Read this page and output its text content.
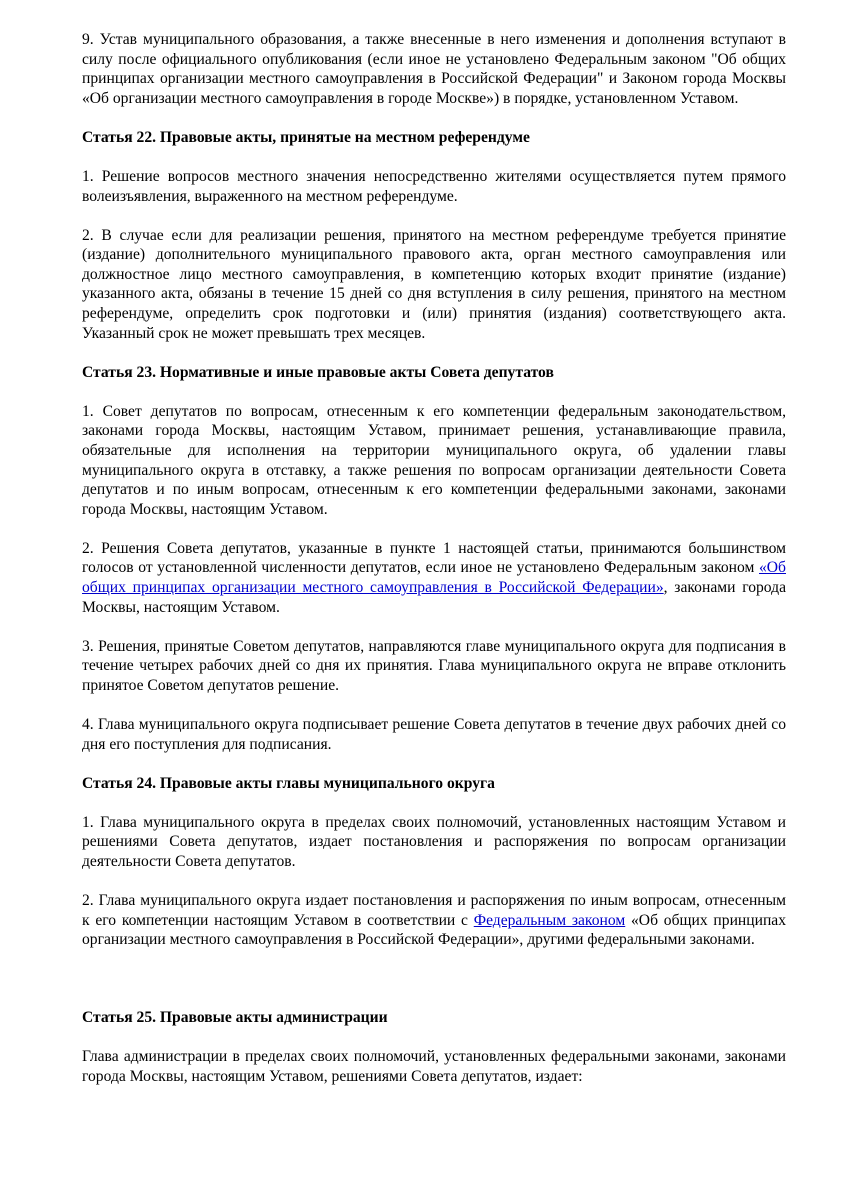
9. Устав муниципального образования, а также внесенные в него изменения и дополнения вступают в силу после официального опубликования (если иное не установлено Федеральным законом "Об общих принципах организации местного самоуправления в Российской Федерации" и Законом города Москвы «Об организации местного самоуправления в городе Москве») в порядке, установленном Уставом.

Статья 22. Правовые акты, принятые на местном референдуме

1. Решение вопросов местного значения непосредственно жителями осуществляется путем прямого волеизъявления, выраженного на местном референдуме.

2. В случае если для реализации решения, принятого на местном референдуме требуется принятие (издание) дополнительного муниципального правового акта, орган местного самоуправления или должностное лицо местного самоуправления, в компетенцию которых входит принятие (издание) указанного акта, обязаны в течение 15 дней со дня вступления в силу решения, принятого на местном референдуме, определить срок подготовки и (или) принятия (издания) соответствующего акта. Указанный срок не может превышать трех месяцев.

Статья 23. Нормативные и иные правовые акты Совета депутатов

1. Совет депутатов по вопросам, отнесенным к его компетенции федеральным законодательством, законами города Москвы, настоящим Уставом, принимает решения, устанавливающие правила, обязательные для исполнения на территории муниципального округа, об удалении главы муниципального округа в отставку, а также решения по вопросам организации деятельности Совета депутатов и по иным вопросам, отнесенным к его компетенции федеральными законами, законами города Москвы, настоящим Уставом.

2. Решения Совета депутатов, указанные в пункте 1 настоящей статьи, принимаются большинством голосов от установленной численности депутатов, если иное не установлено Федеральным законом «Об общих принципах организации местного самоуправления в Российской Федерации», законами города Москвы, настоящим Уставом.

3. Решения, принятые Советом депутатов, направляются главе муниципального округа для подписания в течение четырех рабочих дней со дня их принятия. Глава муниципального округа не вправе отклонить принятое Советом депутатов решение.

4. Глава муниципального округа подписывает решение Совета депутатов в течение двух рабочих дней со дня его поступления для подписания.

Статья 24. Правовые акты главы муниципального округа

1. Глава муниципального округа в пределах своих полномочий, установленных настоящим Уставом и решениями Совета депутатов, издает постановления и распоряжения по вопросам организации деятельности Совета депутатов.

2. Глава муниципального округа издает постановления и распоряжения по иным вопросам, отнесенным к его компетенции настоящим Уставом в соответствии с Федеральным законом «Об общих принципах организации местного самоуправления в Российской Федерации», другими федеральными законами.

Статья 25. Правовые акты администрации

Глава администрации в пределах своих полномочий, установленных федеральными законами, законами города Москвы, настоящим Уставом, решениями Совета депутатов, издает:
